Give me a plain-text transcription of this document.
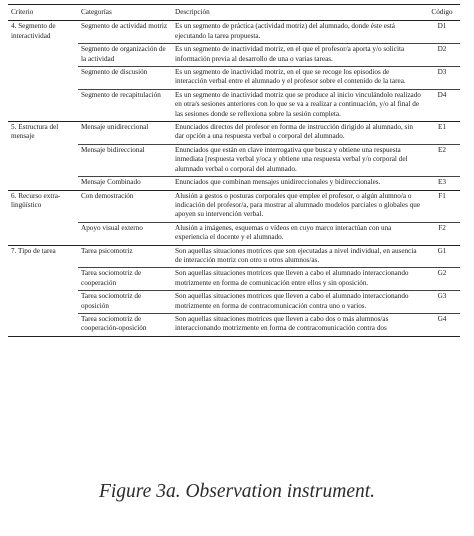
Criterio	Categorías	Descripción	Código
4. Segmento de interactividad	Segmento de actividad motriz	Es un segmento de práctica (actividad motriz) del alumnado, donde éste está ejecutando la tarea propuesta.	D1
	Segmento de organización de la actividad	Es un segmento de inactividad motriz, en el que el profesor/a aporta y/o solicita información previa al desarrollo de una o varias tareas.	D2
	Segmento de discusión	Es un segmento de inactividad motriz, en el que se recoge los episodios de interacción verbal entre el alumnado y el profesor sobre el contenido de la tarea.	D3
	Segmento de recapitulación	Es un segmento de inactividad motriz que se produce al inicio vinculándolo realizado en otra/s sesiones anteriores con lo que se va a realizar a continuación, y/o al final de las sesiones donde se reflexiona sobre la sesión completa.	D4
5. Estructura del mensaje	Mensaje unidireccional	Enunciados directos del profesor en forma de instrucción dirigido al alumnado, sin dar opción a una respuesta verbal o corporal del alumnado.	E1
	Mensaje bidireccional	Enunciados que están en clave interrogativa que busca y obtiene una respuesta inmediata [respuesta verbal y/oca y obtiene una respuesta verbal y/o corporal del alumnado verbal o corporal del alumnado.	E2
	Mensaje Combinado	Enunciados que combinan mensajes unidireccionales y bidireccionales.	E3
6. Recurso extra-lingüístico	Con demostración	Alusión a gestos o posturas corporales que emplee el profesor, o algún alumno/a o indicación del profesor/a, para mostrar al alumnado modelos parciales o globales que apoyen su intervención verbal.	F1
	Apoyo visual externo	Alusión a imágenes, esquemas o vídeos en cuyo marco interactúan con una experiencia el docente y el alumnado.	F2
7. Tipo de tarea	Tarea psicomotriz	Son aquellas situaciones motrices que son ejecutadas a nivel individual, en ausencia de interacción motriz con otro u otros alumnos/as.	G1
	Tarea sociomotriz de cooperación	Son aquellas situaciones motrices que lleven a cabo el alumnado interaccionando motrizmente en forma de comunicación entre ellos y sin oposición.	G2
	Tarea sociomotriz de oposición	Son aquellas situaciones motrices que lleven a cabo el alumnado interaccionando motrizmente en forma de contracomunicación contra uno o varios.	G3
	Tarea sociomotriz de cooperación-oposición	Son aquellas situaciones motrices que lleven a cabo dos o más alumnos/as interaccionando motrizmente en forma de contracomunicación contra dos	G4
Figure 3a. Observation instrument.
